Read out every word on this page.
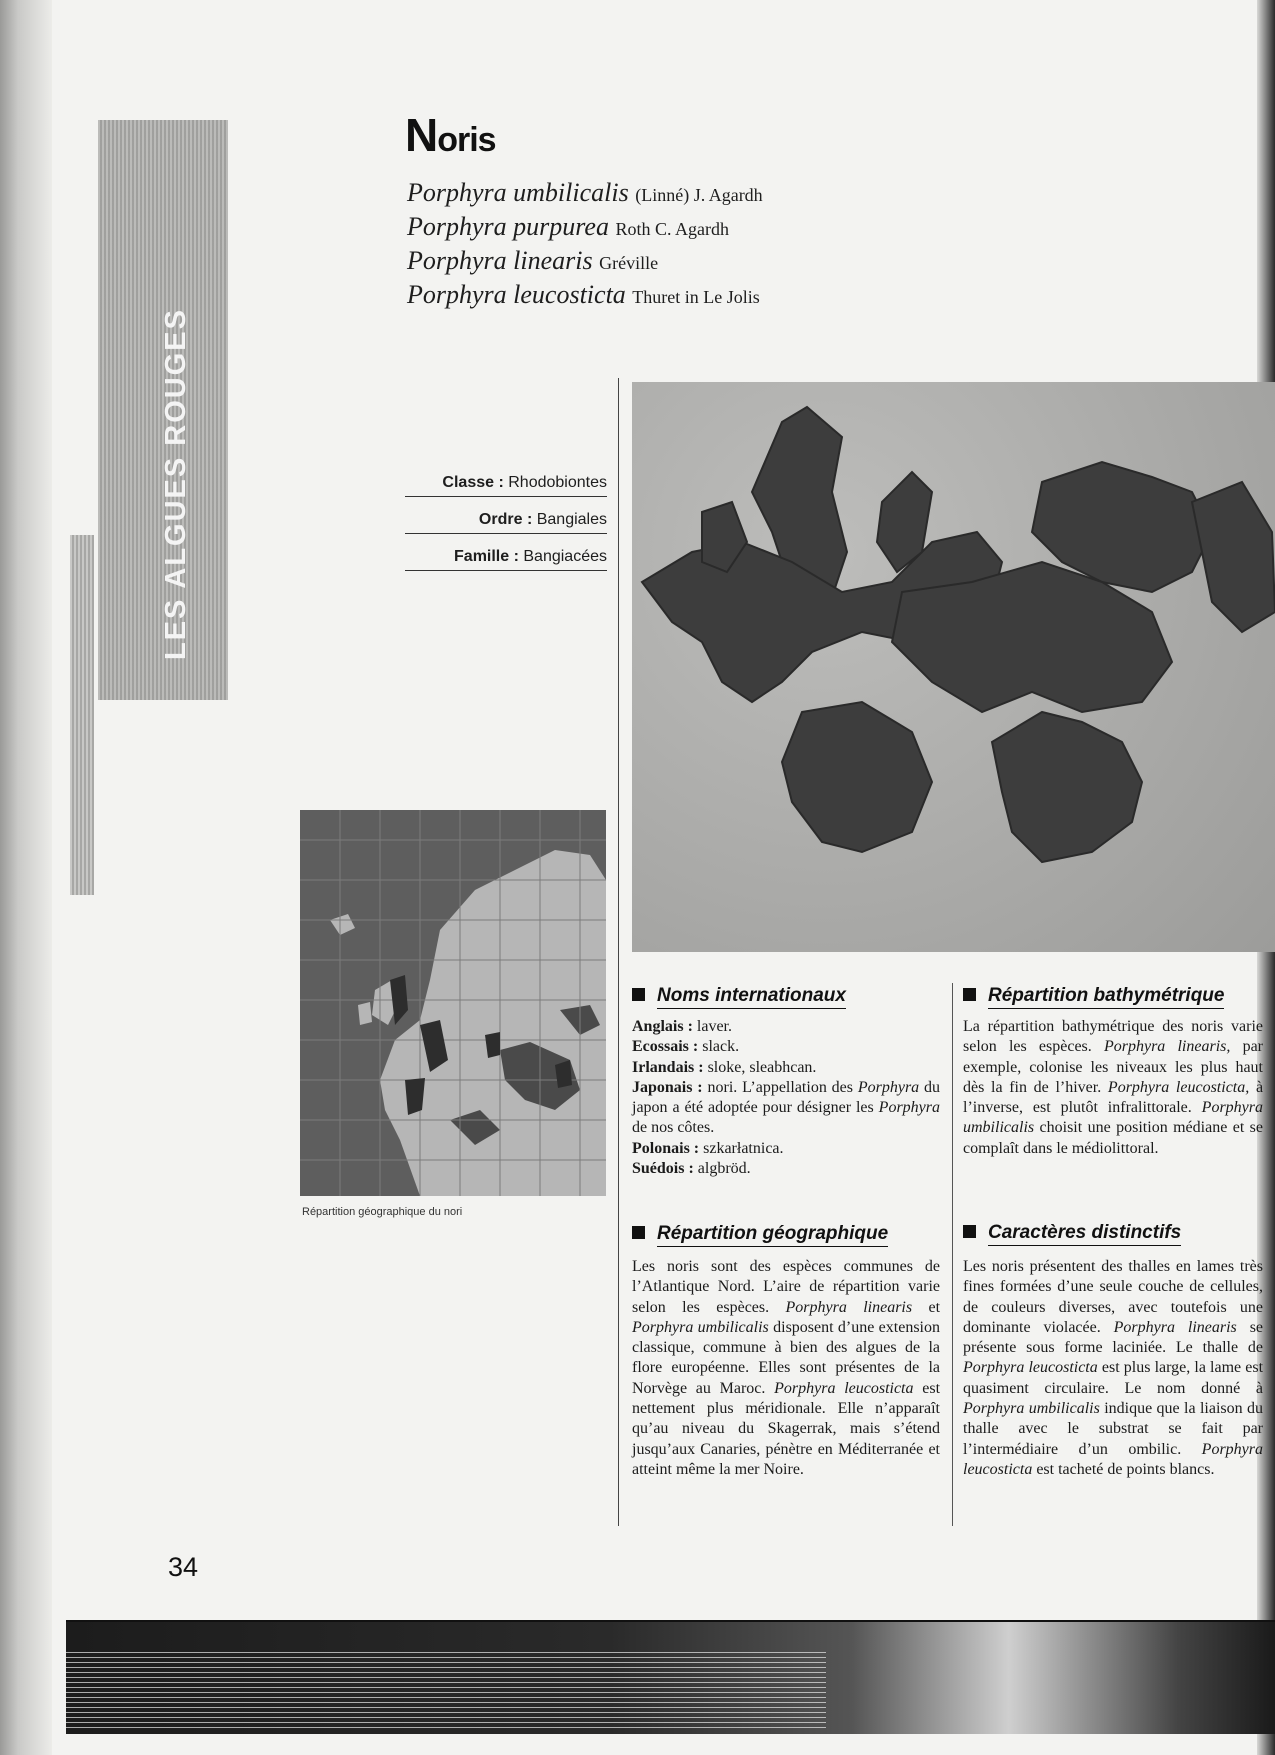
LES ALGUES ROUGES
Noris
Porphyra umbilicalis (Linné) J. Agardh
Porphyra purpurea Roth C. Agardh
Porphyra linearis Gréville
Porphyra leucosticta Thuret in Le Jolis
Classe : Rhodobiontes
Ordre : Bangiales
Famille : Bangiacées
Répartition géographique du nori
Noms internationaux

Anglais : laver.

Ecossais : slack.

Irlandais : sloke, sleabhcan.

Japonais : nori. L’appellation des Porphyra du japon a été adoptée pour désigner les Porphyra de nos côtes.

Polonais : szkarłatnica.

Suédois : algbröd.

Répartition géographique

Les noris sont des espèces communes de l’Atlantique Nord. L’aire de répartition varie selon les espèces. Porphyra linearis et Porphyra umbilicalis disposent d’une extension classique, commune à bien des algues de la flore européenne. Elles sont présentes de la Norvège au Maroc. Porphyra leucosticta est nettement plus méridionale. Elle n’apparaît qu’au niveau du Skagerrak, mais s’étend jusqu’aux Canaries, pénètre en Méditerranée et atteint même la mer Noire.

Répartition bathymétrique

La répartition bathymétrique des noris varie selon les espèces. Porphyra linearis, par exemple, colonise les niveaux les plus haut dès la fin de l’hiver. Porphyra leucosticta, à l’inverse, est plutôt infralittorale. Porphyra umbilicalis choisit une position médiane et se complaît dans le médiolittoral.

Caractères distinctifs

Les noris présentent des thalles en lames très fines formées d’une seule couche de cellules, de couleurs diverses, avec toutefois une dominante violacée. Porphyra linearis se présente sous forme laciniée. Le thalle de Porphyra leucosticta est plus large, la lame est quasiment circulaire. Le nom donné à Porphyra umbilicalis indique que la liaison du thalle avec le substrat se fait par l’intermédiaire d’un ombilic. Porphyra leucosticta est tacheté de points blancs.

34
